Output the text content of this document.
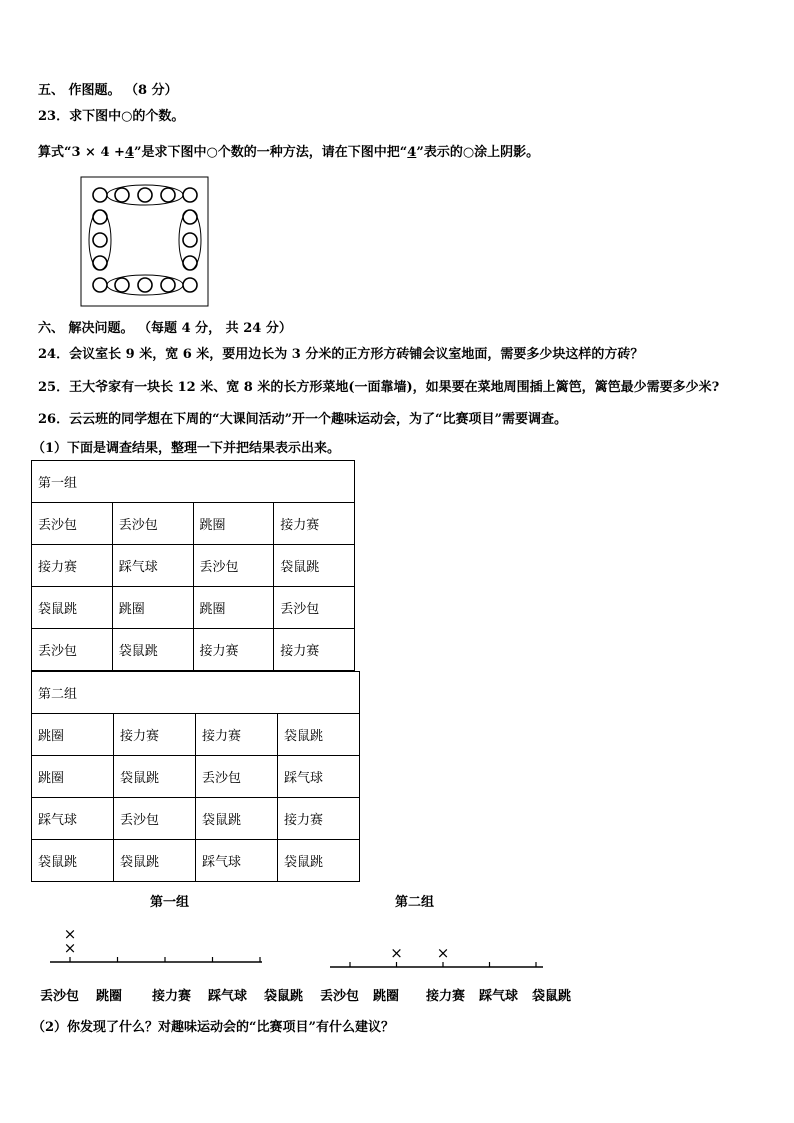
五、 作图题。 （8 分）
23．求下图中○的个数。
算式“3 × 4 +4”是求下图中○个数的一种方法，请在下图中把“4”表示的○涂上阴影。
六、 解决问题。 （每题 4 分， 共 24 分）
24．会议室长 9 米，宽 6 米，要用边长为 3 分米的正方形方砖铺会议室地面，需要多少块这样的方砖？
25．王大爷家有一块长 12 米、宽 8 米的长方形菜地(一面靠墙)，如果要在菜地周围插上篱笆，篱笆最少需要多少米?
26．云云班的同学想在下周的“大课间活动”开一个趣味运动会，为了“比赛项目”需要调查。
（1）下面是调查结果，整理一下并把结果表示出来。
第一组			
丢沙包	丢沙包	跳圈	接力赛
接力赛	踩气球	丢沙包	袋鼠跳
袋鼠跳	跳圈	跳圈	丢沙包
丢沙包	袋鼠跳	接力赛	接力赛
第二组			
跳圈	接力赛	接力赛	袋鼠跳
跳圈	袋鼠跳	丢沙包	踩气球
踩气球	丢沙包	袋鼠跳	接力赛
袋鼠跳	袋鼠跳	踩气球	袋鼠跳
第一组	第二组
×
×
× ×
丢沙包 跳圈 接力赛 踩气球 袋鼠跳 丢沙包 跳圈 接力赛 踩气球 袋鼠跳
（2）你发现了什么？对趣味运动会的“比赛项目”有什么建议？
